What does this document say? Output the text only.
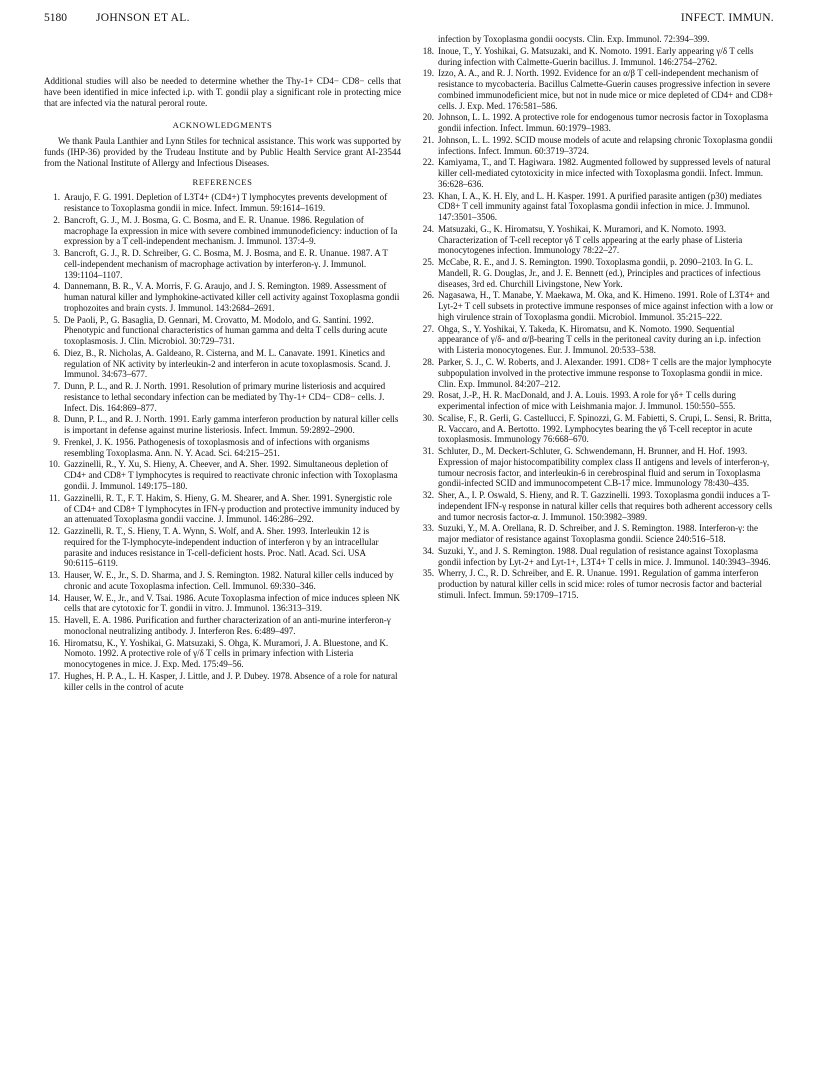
5180	JOHNSON ET AL.	INFECT. IMMUN.

Additional studies will also be needed to determine whether the Thy-1+ CD4− CD8− cells that have been identified in mice infected i.p. with T. gondii play a significant role in protecting mice that are infected via the natural peroral route.

ACKNOWLEDGMENTS

We thank Paula Lanthier and Lynn Stiles for technical assistance. This work was supported by funds (IHP-36) provided by the Trudeau Institute and by Public Health Service grant AI-23544 from the National Institute of Allergy and Infectious Diseases.

REFERENCES

1. Araujo, F. G. 1991. Depletion of L3T4+ (CD4+) T lymphocytes prevents development of resistance to Toxoplasma gondii in mice. Infect. Immun. 59:1614–1619.
2. Bancroft, G. J., M. J. Bosma, G. C. Bosma, and E. R. Unanue. 1986. Regulation of macrophage Ia expression in mice with severe combined immunodeficiency: induction of Ia expression by a T cell-independent mechanism. J. Immunol. 137:4–9.
3. Bancroft, G. J., R. D. Schreiber, G. C. Bosma, M. J. Bosma, and E. R. Unanue. 1987. A T cell-independent mechanism of macrophage activation by interferon-γ. J. Immunol. 139:1104–1107.
4. Dannemann, B. R., V. A. Morris, F. G. Araujo, and J. S. Remington. 1989. Assessment of human natural killer and lymphokine-activated killer cell activity against Toxoplasma gondii trophozoites and brain cysts. J. Immunol. 143:2684–2691.
5. De Paoli, P., G. Basaglia, D. Gennari, M. Crovatto, M. Modolo, and G. Santini. 1992. Phenotypic and functional characteristics of human gamma and delta T cells during acute toxoplasmosis. J. Clin. Microbiol. 30:729–731.
6. Diez, B., R. Nicholas, A. Galdeano, R. Cisterna, and M. L. Canavate. 1991. Kinetics and regulation of NK activity by interleukin-2 and interferon in acute toxoplasmosis. Scand. J. Immunol. 34:673–677.
7. Dunn, P. L., and R. J. North. 1991. Resolution of primary murine listeriosis and acquired resistance to lethal secondary infection can be mediated by Thy-1+ CD4− CD8− cells. J. Infect. Dis. 164:869–877.
8. Dunn, P. L., and R. J. North. 1991. Early gamma interferon production by natural killer cells is important in defense against murine listeriosis. Infect. Immun. 59:2892–2900.
9. Frenkel, J. K. 1956. Pathogenesis of toxoplasmosis and of infections with organisms resembling Toxoplasma. Ann. N. Y. Acad. Sci. 64:215–251.
10. Gazzinelli, R., Y. Xu, S. Hieny, A. Cheever, and A. Sher. 1992. Simultaneous depletion of CD4+ and CD8+ T lymphocytes is required to reactivate chronic infection with Toxoplasma gondii. J. Immunol. 149:175–180.
11. Gazzinelli, R. T., F. T. Hakim, S. Hieny, G. M. Shearer, and A. Sher. 1991. Synergistic role of CD4+ and CD8+ T lymphocytes in IFN-γ production and protective immunity induced by an attenuated Toxoplasma gondii vaccine. J. Immunol. 146:286–292.
12. Gazzinelli, R. T., S. Hieny, T. A. Wynn, S. Wolf, and A. Sher. 1993. Interleukin 12 is required for the T-lymphocyte-independent induction of interferon γ by an intracellular parasite and induces resistance in T-cell-deficient hosts. Proc. Natl. Acad. Sci. USA 90:6115–6119.
13. Hauser, W. E., Jr., S. D. Sharma, and J. S. Remington. 1982. Natural killer cells induced by chronic and acute Toxoplasma infection. Cell. Immunol. 69:330–346.
14. Hauser, W. E., Jr., and V. Tsai. 1986. Acute Toxoplasma infection of mice induces spleen NK cells that are cytotoxic for T. gondii in vitro. J. Immunol. 136:313–319.
15. Havell, E. A. 1986. Purification and further characterization of an anti-murine interferon-γ monoclonal neutralizing antibody. J. Interferon Res. 6:489–497.
16. Hiromatsu, K., Y. Yoshikai, G. Matsuzaki, S. Ohga, K. Muramori, J. A. Bluestone, and K. Nomoto. 1992. A protective role of γ/δ T cells in primary infection with Listeria monocytogenes in mice. J. Exp. Med. 175:49–56.
17. Hughes, H. P. A., L. H. Kasper, J. Little, and J. P. Dubey. 1978. Absence of a role for natural killer cells in the control of acute

infection by Toxoplasma gondii oocysts. Clin. Exp. Immunol. 72:394–399.

18. Inoue, T., Y. Yoshikai, G. Matsuzaki, and K. Nomoto. 1991. Early appearing γ/δ T cells during infection with Calmette-Guerin bacillus. J. Immunol. 146:2754–2762.
19. Izzo, A. A., and R. J. North. 1992. Evidence for an α/β T cell-independent mechanism of resistance to mycobacteria. Bacillus Calmette-Guerin causes progressive infection in severe combined immunodeficient mice, but not in nude mice or mice depleted of CD4+ and CD8+ cells. J. Exp. Med. 176:581–586.
20. Johnson, L. L. 1992. A protective role for endogenous tumor necrosis factor in Toxoplasma gondii infection. Infect. Immun. 60:1979–1983.
21. Johnson, L. L. 1992. SCID mouse models of acute and relapsing chronic Toxoplasma gondii infections. Infect. Immun. 60:3719–3724.
22. Kamiyama, T., and T. Hagiwara. 1982. Augmented followed by suppressed levels of natural killer cell-mediated cytotoxicity in mice infected with Toxoplasma gondii. Infect. Immun. 36:628–636.
23. Khan, I. A., K. H. Ely, and L. H. Kasper. 1991. A purified parasite antigen (p30) mediates CD8+ T cell immunity against fatal Toxoplasma gondii infection in mice. J. Immunol. 147:3501–3506.
24. Matsuzaki, G., K. Hiromatsu, Y. Yoshikai, K. Muramori, and K. Nomoto. 1993. Characterization of T-cell receptor γδ T cells appearing at the early phase of Listeria monocytogenes infection. Immunology 78:22–27.
25. McCabe, R. E., and J. S. Remington. 1990. Toxoplasma gondii, p. 2090–2103. In G. L. Mandell, R. G. Douglas, Jr., and J. E. Bennett (ed.), Principles and practices of infectious diseases, 3rd ed. Churchill Livingstone, New York.
26. Nagasawa, H., T. Manabe, Y. Maekawa, M. Oka, and K. Himeno. 1991. Role of L3T4+ and Lyt-2+ T cell subsets in protective immune responses of mice against infection with a low or high virulence strain of Toxoplasma gondii. Microbiol. Immunol. 35:215–222.
27. Ohga, S., Y. Yoshikai, Y. Takeda, K. Hiromatsu, and K. Nomoto. 1990. Sequential appearance of γ/δ- and α/β-bearing T cells in the peritoneal cavity during an i.p. infection with Listeria monocytogenes. Eur. J. Immunol. 20:533–538.
28. Parker, S. J., C. W. Roberts, and J. Alexander. 1991. CD8+ T cells are the major lymphocyte subpopulation involved in the protective immune response to Toxoplasma gondii in mice. Clin. Exp. Immunol. 84:207–212.
29. Rosat, J.-P., H. R. MacDonald, and J. A. Louis. 1993. A role for γδ+ T cells during experimental infection of mice with Leishmania major. J. Immunol. 150:550–555.
30. Scalise, F., R. Gerli, G. Castellucci, F. Spinozzi, G. M. Fabietti, S. Crupi, L. Sensi, R. Britta, R. Vaccaro, and A. Bertotto. 1992. Lymphocytes bearing the γδ T-cell receptor in acute toxoplasmosis. Immunology 76:668–670.
31. Schluter, D., M. Deckert-Schluter, G. Schwendemann, H. Brunner, and H. Hof. 1993. Expression of major histocompatibility complex class II antigens and levels of interferon-γ, tumour necrosis factor, and interleukin-6 in cerebrospinal fluid and serum in Toxoplasma gondii-infected SCID and immunocompetent C.B-17 mice. Immunology 78:430–435.
32. Sher, A., I. P. Oswald, S. Hieny, and R. T. Gazzinelli. 1993. Toxoplasma gondii induces a T-independent IFN-γ response in natural killer cells that requires both adherent accessory cells and tumor necrosis factor-α. J. Immunol. 150:3982–3989.
33. Suzuki, Y., M. A. Orellana, R. D. Schreiber, and J. S. Remington. 1988. Interferon-γ: the major mediator of resistance against Toxoplasma gondii. Science 240:516–518.
34. Suzuki, Y., and J. S. Remington. 1988. Dual regulation of resistance against Toxoplasma gondii infection by Lyt-2+ and Lyt-1+, L3T4+ T cells in mice. J. Immunol. 140:3943–3946.
35. Wherry, J. C., R. D. Schreiber, and E. R. Unanue. 1991. Regulation of gamma interferon production by natural killer cells in scid mice: roles of tumor necrosis factor and bacterial stimuli. Infect. Immun. 59:1709–1715.
